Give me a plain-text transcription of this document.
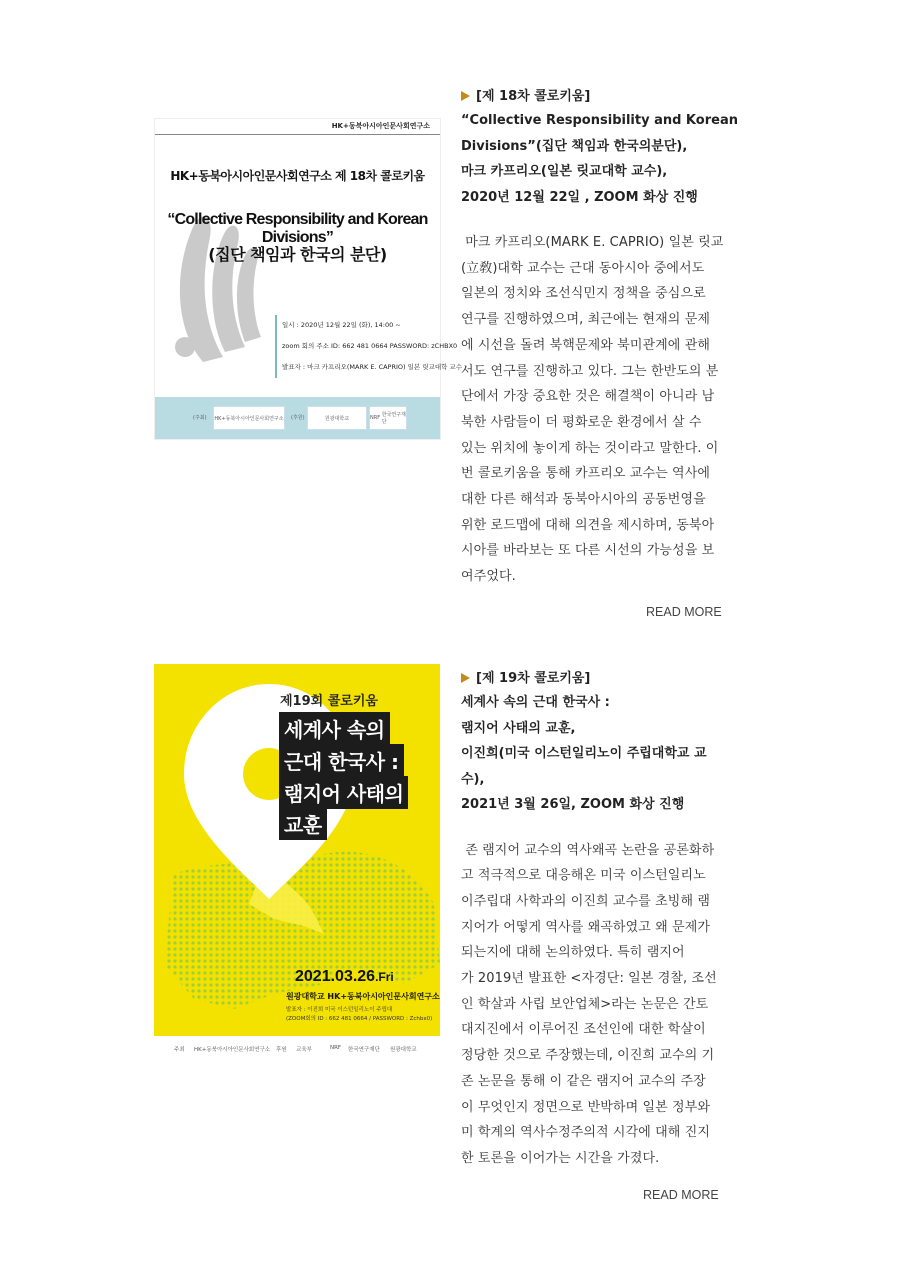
HK+동북아시아인문사회연구소
HK+동북아시아인문사회연구소 제 18차 콜로키움
“Collective Responsibility and Korean Divisions”
(집단 책임과 한국의 분단)
일시 : 2020년 12월 22일 (화), 14:00 ~
zoom 회의 주소 ID: 662 481 0664 PASSWORD: zCHBX0
발표자 : 마크 카프리오(MARK E. CAPRIO) 일본 릿교대학 교수
(주최) HK+동북아시아인문사회연구소 (후원)	원광대학교	NRF
한국연구재단
[제 18차 콜로키움]
“Collective Responsibility and Korean
Divisions”(집단 책임과 한국의분단),
마크 카프리오(일본 릿교대학 교수),
2020년 12월 22일 , ZOOM 화상 진행
마크 카프리오(MARK E. CAPRIO) 일본 릿교
(立敎)대학 교수는 근대 동아시아 중에서도
일본의 정치와 조선식민지 정책을 중심으로
연구를 진행하였으며, 최근에는 현재의 문제
에 시선을 돌려 북핵문제와 북미관계에 관해
서도 연구를 진행하고 있다. 그는 한반도의 분
단에서 가장 중요한 것은 해결책이 아니라 남
북한 사람들이 더 평화로운 환경에서 살 수
있는 위치에 놓이게 하는 것이라고 말한다. 이
번 콜로키움을 통해 카프리오 교수는 역사에
대한 다른 해석과 동북아시아의 공동번영을
위한 로드맵에 대해 의견을 제시하며, 동북아
시아를 바라보는 또 다른 시선의 가능성을 보
여주었다.
READ MORE
제19회 콜로키움
세계사 속의
근대 한국사 :
램지어 사태의
교훈
2021.03.26.Fri
원광대학교 HK+동북아시아인문사회연구소
발표자 : 이진희 미국 이스턴일리노이 주립대
(ZOOM회의 ID : 662 481 0664 / PASSWORD : Zchbx0)
주최 HK+동북아시아인문사회연구소 후원 교육부	NRF 한국연구재단 원광대학교
[제 19차 콜로키움]
세계사 속의 근대 한국사 :
램지어 사태의 교훈,
이진희(미국 이스턴일리노이 주립대학교 교
수),
2021년 3월 26일, ZOOM 화상 진행
존 램지어 교수의 역사왜곡 논란을 공론화하
고 적극적으로 대응해온 미국 이스턴일리노
이주립대 사학과의 이진희 교수를 초빙해 램
지어가 어떻게 역사를 왜곡하였고 왜 문제가
되는지에 대해 논의하였다. 특히 램지어
가 2019년 발표한 <자경단: 일본 경찰, 조선
인 학살과 사립 보안업체>라는 논문은 간토
대지진에서 이루어진 조선인에 대한 학살이
정당한 것으로 주장했는데, 이진희 교수의 기
존 논문을 통해 이 같은 램지어 교수의 주장
이 무엇인지 정면으로 반박하며 일본 정부와
미 학계의 역사수정주의적 시각에 대해 진지
한 토론을 이어가는 시간을 가졌다.
READ MORE
